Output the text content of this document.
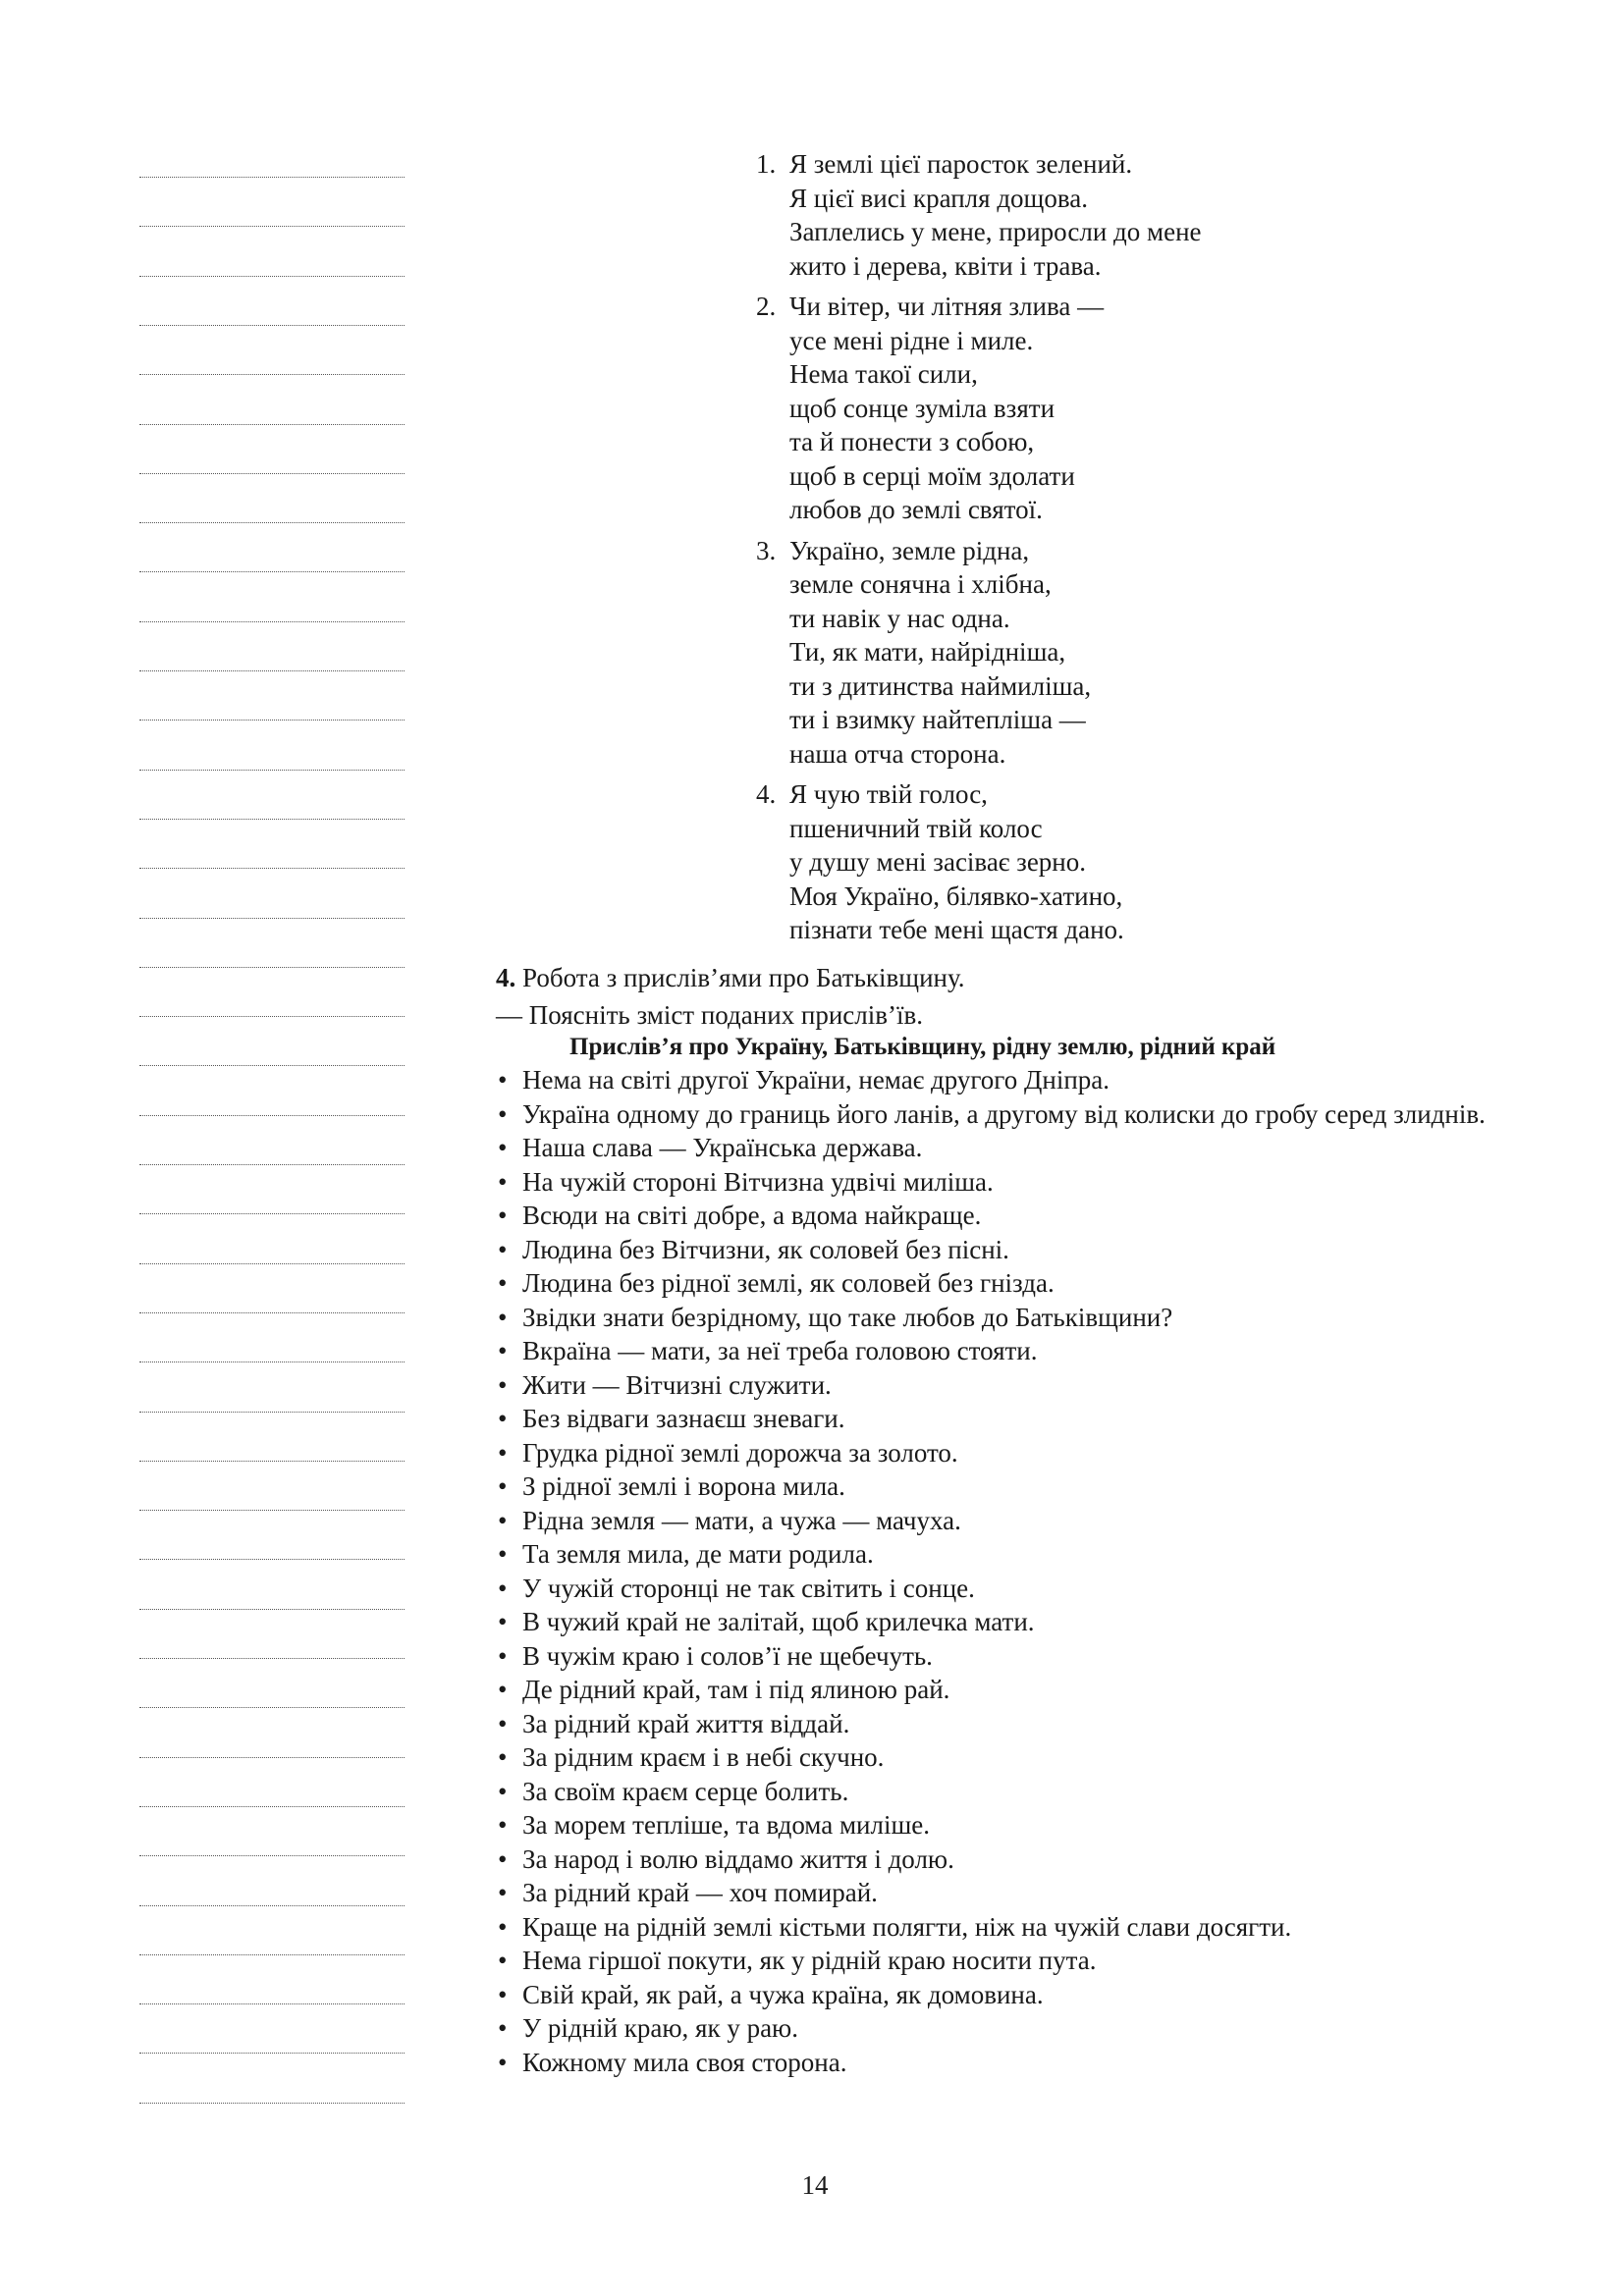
1. Я землі цієї паросток зелений.
Я цієї висі крапля дощова.
Заплелись у мене, приросли до мене
жито і дерева, квіти і трава.
2. Чи вітер, чи літняя злива —
усе мені рідне і миле.
Нема такої сили,
щоб сонце зуміла взяти
та й понести з собою,
щоб в серці моїм здолати
любов до землі святої.
3. Україно, земле рідна,
земле сонячна і хлібна,
ти навік у нас одна.
Ти, як мати, найрідніша,
ти з дитинства наймиліша,
ти і взимку найтепліша —
наша отча сторона.
4. Я чую твій голос,
пшеничний твій колос
у душу мені засіває зерно.
Моя Україно, білявко-хатино,
пізнати тебе мені щастя дано.

4. Робота з прислів’ями про Батьківщину.

— Поясніть зміст поданих прислів’їв.

Прислів’я про Україну, Батьківщину, рідну землю, рідний край

• Нема на світі другої України, немає другого Дніпра.
• Україна одному до границь його ланів, а другому від колиски до гробу серед злиднів.
• Наша слава — Українська держава.
• На чужій стороні Вітчизна удвічі миліша.
• Всюди на світі добре, а вдома найкраще.
• Людина без Вітчизни, як соловей без пісні.
• Людина без рідної землі, як соловей без гнізда.
• Звідки знати безрідному, що таке любов до Батьківщини?
• Вкраїна — мати, за неї треба головою стояти.
• Жити — Вітчизні служити.
• Без відваги зазнаєш зневаги.
• Грудка рідної землі дорожча за золото.
• З рідної землі і ворона мила.
• Рідна земля — мати, а чужа — мачуха.
• Та земля мила, де мати родила.
• У чужій сторонці не так світить і сонце.
• В чужий край не залітай, щоб крилечка мати.
• В чужім краю і солов’ї не щебечуть.
• Де рідний край, там і під ялиною рай.
• За рідний край життя віддай.
• За рідним краєм і в небі скучно.
• За своїм краєм серце болить.
• За морем тепліше, та вдома миліше.
• За народ і волю віддамо життя і долю.
• За рідний край — хоч помирай.
• Краще на рідній землі кістьми полягти, ніж на чужій слави досягти.
• Нема гіршої покути, як у рідній краю носити пута.
• Свій край, як рай, а чужа країна, як домовина.
• У рідній краю, як у раю.
• Кожному мила своя сторона.
14
